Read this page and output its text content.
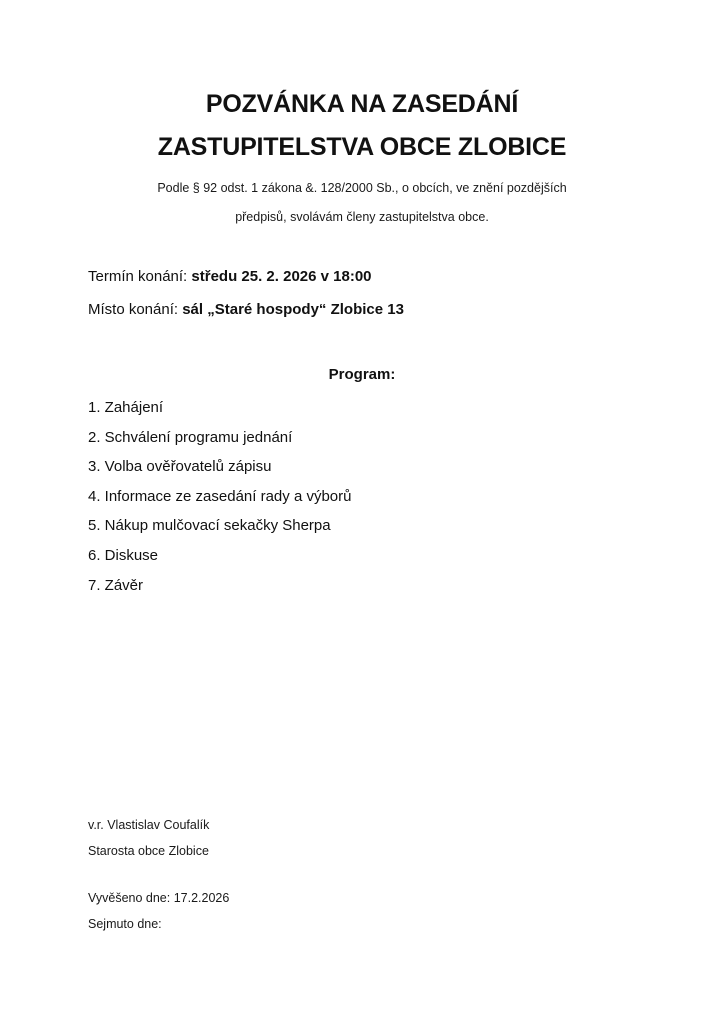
POZVÁNKA NA ZASEDÁNÍ
ZASTUPITELSTVA OBCE ZLOBICE
Podle § 92 odst. 1 zákona &. 128/2000 Sb., o obcích, ve znění pozdějších
předpisů, svolávám členy zastupitelstva obce.
Termín konání: středu 25. 2. 2026 v 18:00
Místo konání: sál „Staré hospody“ Zlobice 13
Program:
1. Zahájení
2. Schválení programu jednání
3. Volba ověřovatelů zápisu
4. Informace ze zasedání rady a výborů
5. Nákup mulčovací sekačky Sherpa
6. Diskuse
7. Závěr
v.r. Vlastislav Coufalík
Starosta obce Zlobice
Vyvěšeno dne: 17.2.2026
Sejmuto dne:
